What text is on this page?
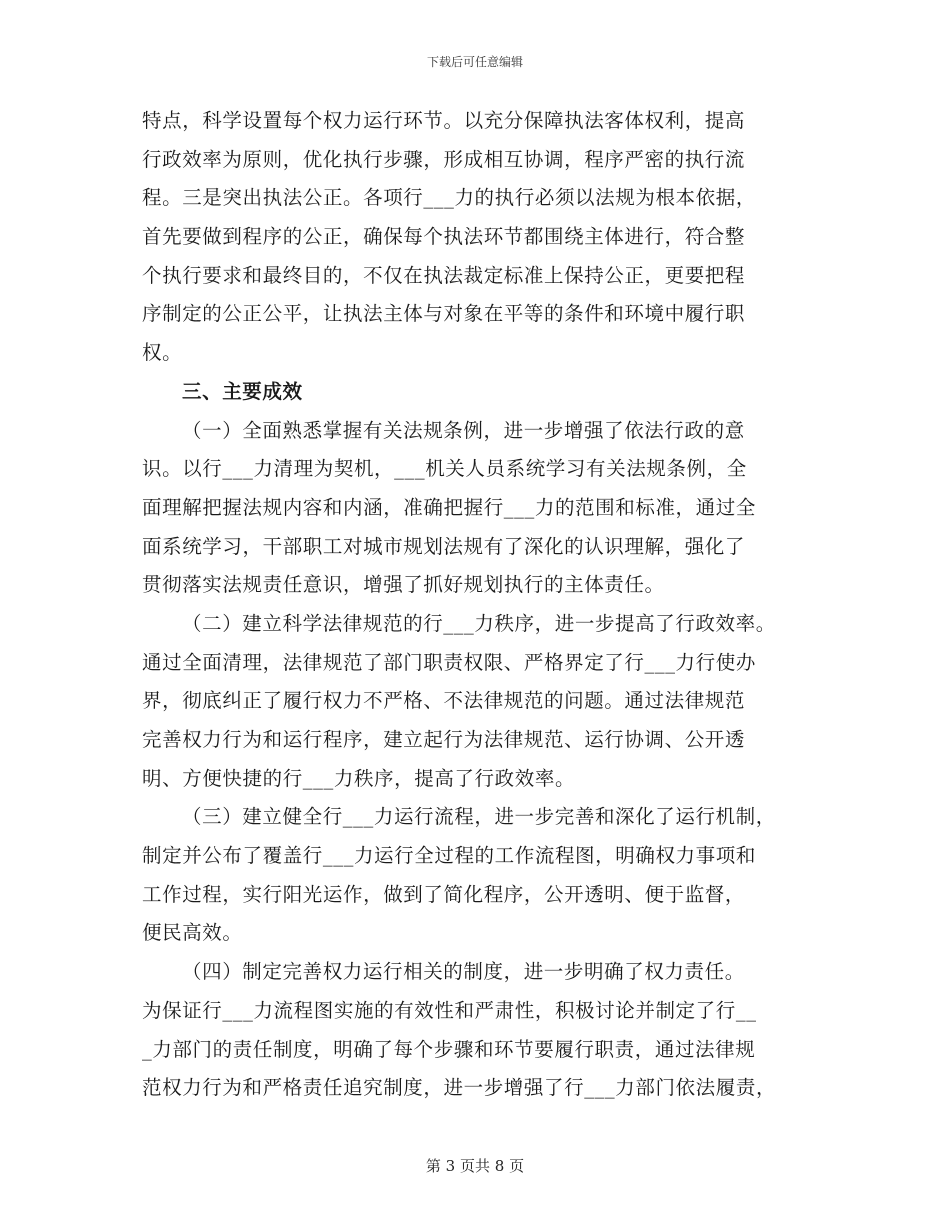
下载后可任意编辑
特点，科学设置每个权力运行环节。以充分保障执法客体权利，提高
行政效率为原则，优化执行步骤，形成相互协调，程序严密的执行流
程。三是突出执法公正。各项行___力的执行必须以法规为根本依据，
首先要做到程序的公正，确保每个执法环节都围绕主体进行，符合整
个执行要求和最终目的，不仅在执法裁定标准上保持公正，更要把程
序制定的公正公平，让执法主体与对象在平等的条件和环境中履行职
权。
三、主要成效
（一）全面熟悉掌握有关法规条例，进一步增强了依法行政的意
识。以行___力清理为契机，___机关人员系统学习有关法规条例，全
面理解把握法规内容和内涵，准确把握行___力的范围和标准，通过全
面系统学习，干部职工对城市规划法规有了深化的认识理解，强化了
贯彻落实法规责任意识，增强了抓好规划执行的主体责任。
（二）建立科学法律规范的行___力秩序，进一步提高了行政效率。
通过全面清理，法律规范了部门职责权限、严格界定了行___力行使办
界，彻底纠正了履行权力不严格、不法律规范的问题。通过法律规范
完善权力行为和运行程序，建立起行为法律规范、运行协调、公开透
明、方便快捷的行___力秩序，提高了行政效率。
（三）建立健全行___力运行流程，进一步完善和深化了运行机制，
制定并公布了覆盖行___力运行全过程的工作流程图，明确权力事项和
工作过程，实行阳光运作，做到了简化程序，公开透明、便于监督，
便民高效。
（四）制定完善权力运行相关的制度，进一步明确了权力责任。
为保证行___力流程图实施的有效性和严肃性，积极讨论并制定了行__
_力部门的责任制度，明确了每个步骤和环节要履行职责，通过法律规
范权力行为和严格责任追究制度，进一步增强了行___力部门依法履责，
第 3 页共 8 页
